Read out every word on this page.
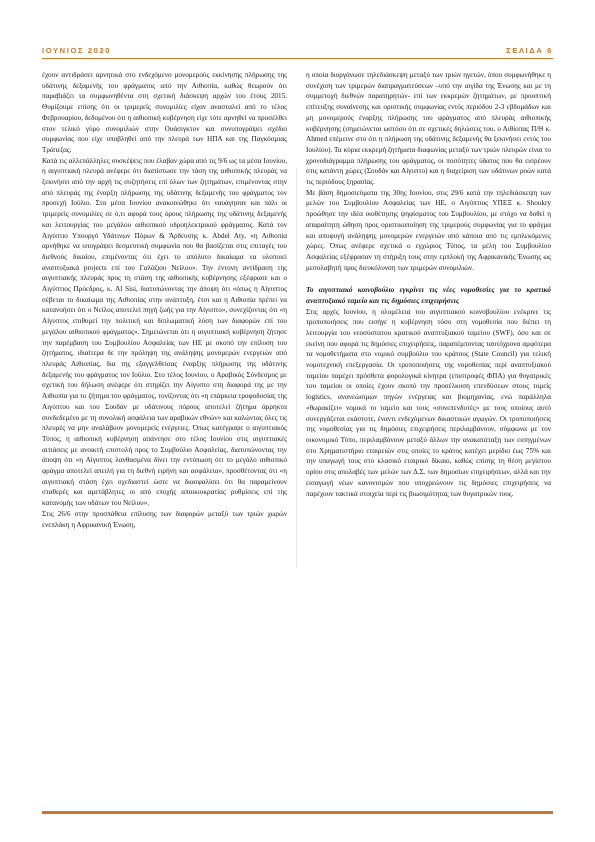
ΙΟΥΝΙΟΣ 2020	ΣΕΛΙΔΑ 6

έχουν αντιδράσει αρνητικά στο ενδεχόμενο μονομερούς εκκίνησης πλήρωσης της υδάτινης δεξαμενής του φράγματος από την Αιθιοπία, καθώς θεωρούν ότι παραβιάζει τα συμφωνηθέντα στη σχετική διάσκεψη αρχών του έτους 2015. Θυμίζουμε επίσης ότι οι τριμερείς συνομιλίες είχαν ανασταλεί από το τέλος Φεβρουαρίου, δεδομένου ότι η αιθιοπική κυβέρνηση είχε τότε αρνηθεί να προσέλθει στον τελικό γύρο συνομιλιών στην Ουάσιγκτον και συνυπογράψει σχέδιο συμφωνίας που είχε υποβληθεί από την πλευρά των ΗΠΑ και της Παγκόσμιας Τράπεζας.

Κατά τις αλλεπάλληλες συσκέψεις που έλαβαν χώρα από τις 9/6 ως τα μέσα Ιουνίου, η αιγυπτιακή πλευρά ανέφερε ότι διαπίστωσε την τάση της αιθιοπικής πλευράς να ξεκινήσει από την αρχή τις συζητήσεις επί όλων των ζητημάτων, επιμένοντας στην από πλευράς της έναρξη πλήρωσης της υδάτινης δεξαμενής του φράγματος τον προσεχή Ιούλιο. Στα μέσα Ιουνίου ανακοινώθηκε ότι ναυάγησαν και πάλι οι τριμερείς συνομιλίες σε ό,τι αφορά τους όρους πλήρωσης της υδάτινης δεξαμενής και λειτουργίας του μεγάλου αιθιοπικού υδροηλεκτρικού φράγματος. Κατά τον Αιγύπτιο Υπουργό Υδάτινων Πόρων & Άρδευσης κ. Abdel Aty, «η Αιθιοπία αρνήθηκε να υπογράψει δεσμευτική συμφωνία που θα βασίζεται στις επιταγές του διεθνούς δικαίου, επιμένοντας ότι έχει το απόλυτο δικαίωμα να υλοποιεί αναπτυξιακά projects επί του Γαλάζιου Νείλου». Την έντονη αντίδραση της αιγυπτιακής πλευράς προς τη στάση της αιθιοπικής κυβέρνησης εξέφρασε και ο Αιγύπτιος Πρόεδρος, κ. Al Sisi, διατυπώνοντας την άποψη ότι «όπως η Αίγυπτος σέβεται το δικαίωμα της Αιθιοπίας στην ανάπτυξη, έτσι και η Αιθιοπία πρέπει να κατανοήσει ότι ο Νείλος αποτελεί πηγή ζωής για την Αίγυπτο», συνεχίζοντας ότι «η Αίγυπτος επιθυμεί την πολιτική και διπλωματική λύση των διαφορών επί του μεγάλου αιθιοπικού φράγματος». Σημειώνεται ότι η αιγυπτιακή κυβέρνηση ζήτησε την παρέμβαση του Συμβουλίου Ασφαλείας των ΗΕ με σκοπό την επίλυση του ζητήματος, ιδιαίτερα δε την πρόληψη της ανάληψης μονομερών ενεργειών από πλευράς Αιθιοπίας, δια της εξαγγελθείσας έναρξης πλήρωσης της υδάτινης δεξαμενής του φράγματος τον Ιούλιο. Στο τέλος Ιουνίου, ο Αραβικός Σύνδεσμος με σχετική του δήλωση ανέφερε ότι στηρίζει την Αίγυπτο στη διαφορά της με την Αιθιοπία για το ζήτημα του φράγματος, τονίζοντας ότι «η επάρκεια τροφοδοσίας της Αιγύπτου και του Σουδάν με υδάτινους πόρους αποτελεί ζήτημα άρρηκτα συνδεδεμένο με τη συνολική ασφάλεια των αραβικών εθνών» και καλώντας όλες τις πλευρές να μην αναλάβουν μονομερείς ενέργειες. Όπως κατέγραψε ο αιγυπτιακός Τύπος, η αιθιοπική κυβέρνηση απάντησε στο τέλος Ιουνίου στις αιγυπτιακές αιτιάσεις με ανοικτή επιστολή προς το Συμβούλιο Ασφαλείας, διατυπώνοντας την άποψη ότι «η Αίγυπτος λανθασμένα δίνει την εντύπωση ότι το μεγάλο αιθιοπικό φράγμα αποτελεί απειλή για τη διεθνή ειρήνη και ασφάλεια», προσθέτοντας ότι «η αιγυπτιακή στάση έχει σχεδιαστεί ώστε να διασφαλίσει ότι θα παραμείνουν σταθερές και αμετάβλητες οι από εποχής αποικιοκρατίας ρυθμίσεις επί της κατανομής των υδάτων του Νείλου».

Στις 26/6 στην προσπάθεια επίλυσης των διαφορών μεταξύ των τριών χωρών ενεπλάκη η Αφρικανική Ένωση,

η οποία διοργάνωσε τηλεδιάσκεψη μεταξύ των τριών ηγετών, όπου συμφωνήθηκε η συνέχιση των τριμερών διαπραγματεύσεων –υπό την αιγίδα της Ένωσης και με τη συμμετοχή διεθνών παρατηρητών- επί των εκκρεμών ζητημάτων, με προοπτική επίτευξης συναίνεσης και οριστικής συμφωνίας εντός περιόδου 2-3 εβδομάδων και μη μονομερούς έναρξης πλήρωσης του φράγματος από πλευράς αιθιοπικής κυβέρνησης (σημειώνεται ωστόσο ότι σε σχετικές δηλώσεις του, ο Αιθίοπας Π/Θ κ. Ahmed επέμεινε στο ότι η πλήρωση της υδάτινης δεξαμενής θα ξεκινήσει εντός του Ιουλίου). Τα κύρια εκκρεμή ζητήματα διαφωνίας μεταξύ των τριών πλευρών είναι το χρονοδιάγραμμα πλήρωσης του φράγματος, οι ποσότητες ύδατος που θα εισρέουν στις κατάντη χώρες (Σουδάν και Αίγυπτο) και η διαχείριση των υδάτινων ροών κατά τις περιόδους ξηρασίας.

Με βάση δημοσιεύματα της 30ης Ιουνίου, στις 29/6 κατά την τηλεδιάσκεψη των μελών του Συμβουλίου Ασφαλείας των ΗΕ, ο Αιγύπτιος ΥΠΕΞ κ. Shoukry προώθησε την ιδέα υιοθέτησης ψηφίσματος του Συμβουλίου, με στόχο να δοθεί η απαραίτητη ώθηση προς οριστικοποίηση της τριμερούς συμφωνίας για το φράγμα και αποφυγή ανάληψης μονομερών ενεργειών από κάποια από τις εμπλεκόμενες χώρες. Όπως ανέφερε σχετικά ο εγχώριος Τύπος, τα μέλη του Συμβουλίου Ασφαλείας εξέφρασαν τη στήριξη τους στην εμπλοκή της Αφρικανικής Ένωσης ως μεσολαβητή προς διευκόλυνση των τριμερών συνομιλιών.

Το αιγυπτιακό κοινοβούλιο εγκρίνει τις νέες νομοθεσίες για το κρατικό αναπτυξιακό ταμείο και τις δημόσιες επιχειρήσεις

Στις αρχές Ιουνίου, η ολομέλεια του αιγυπτιακού κοινοβουλίου ενέκρινε τις τροποποιήσεις που εισήγε η κυβέρνηση τόσο στη νομοθεσία που διέπει τη λειτουργία του νεοσύστατου κρατικού αναπτυξιακού ταμείου (SWF), όσο και σε εκείνη που αφορά τις δημόσιες επιχειρήσεις, παραπέμποντας ταυτόχρονα αμφότερα τα νομοθετήματα στο νομικό συμβούλιο του κράτους (State Council) για τελική νομοτεχνική επεξεργασία. Οι τροποποιήσεις της νομοθεσίας περί αναπτυξιακού ταμείου παρέχει πρόσθετα φορολογικά κίνητρα (επιστροφές ΦΠΑ) για θυγατρικές του ταμείου οι οποίες έχουν σκοπό την προσέλκυση επενδύσεων στους τομείς logistics, ανανεώσιμων πηγών ενέργειας και βιομηχανίας, ενώ παράλληλα «θωρακίζει» νομικά το ταμείο και τους «συνεπενδυτές» με τους οποίους αυτό συνεργάζεται εκάστοτε, έναντι ενδεχόμενων δικαστικών αγωγών. Οι τροποποιήσεις της νομοθεσίας για τις δημόσιες επιχειρήσεις περιλαμβάνουν, σύμφωνα με τον οικονομικό Τύπο, περιλαμβάνουν μεταξύ άλλων την ανακατάταξη των εισηγμένων στο Χρηματιστήριο εταιρειών στις οποίες το κράτος κατέχει μερίδιο έως 75% και την υπαγωγή τους στο κλασικό εταιρικό δίκαιο, καθώς επίσης τη θέση μεγίστου ορίου στις απολαβές των μελών των Δ.Σ. των δημοσίων επιχειρήσεων, αλλά και την εισαγωγή νέων κανονισμών που υποχρεώνουν τις δημόσιες επιχειρήσεις να παρέχουν τακτικά στοιχεία περί τις βιωσιμότητας των θυγατρικών τους.
